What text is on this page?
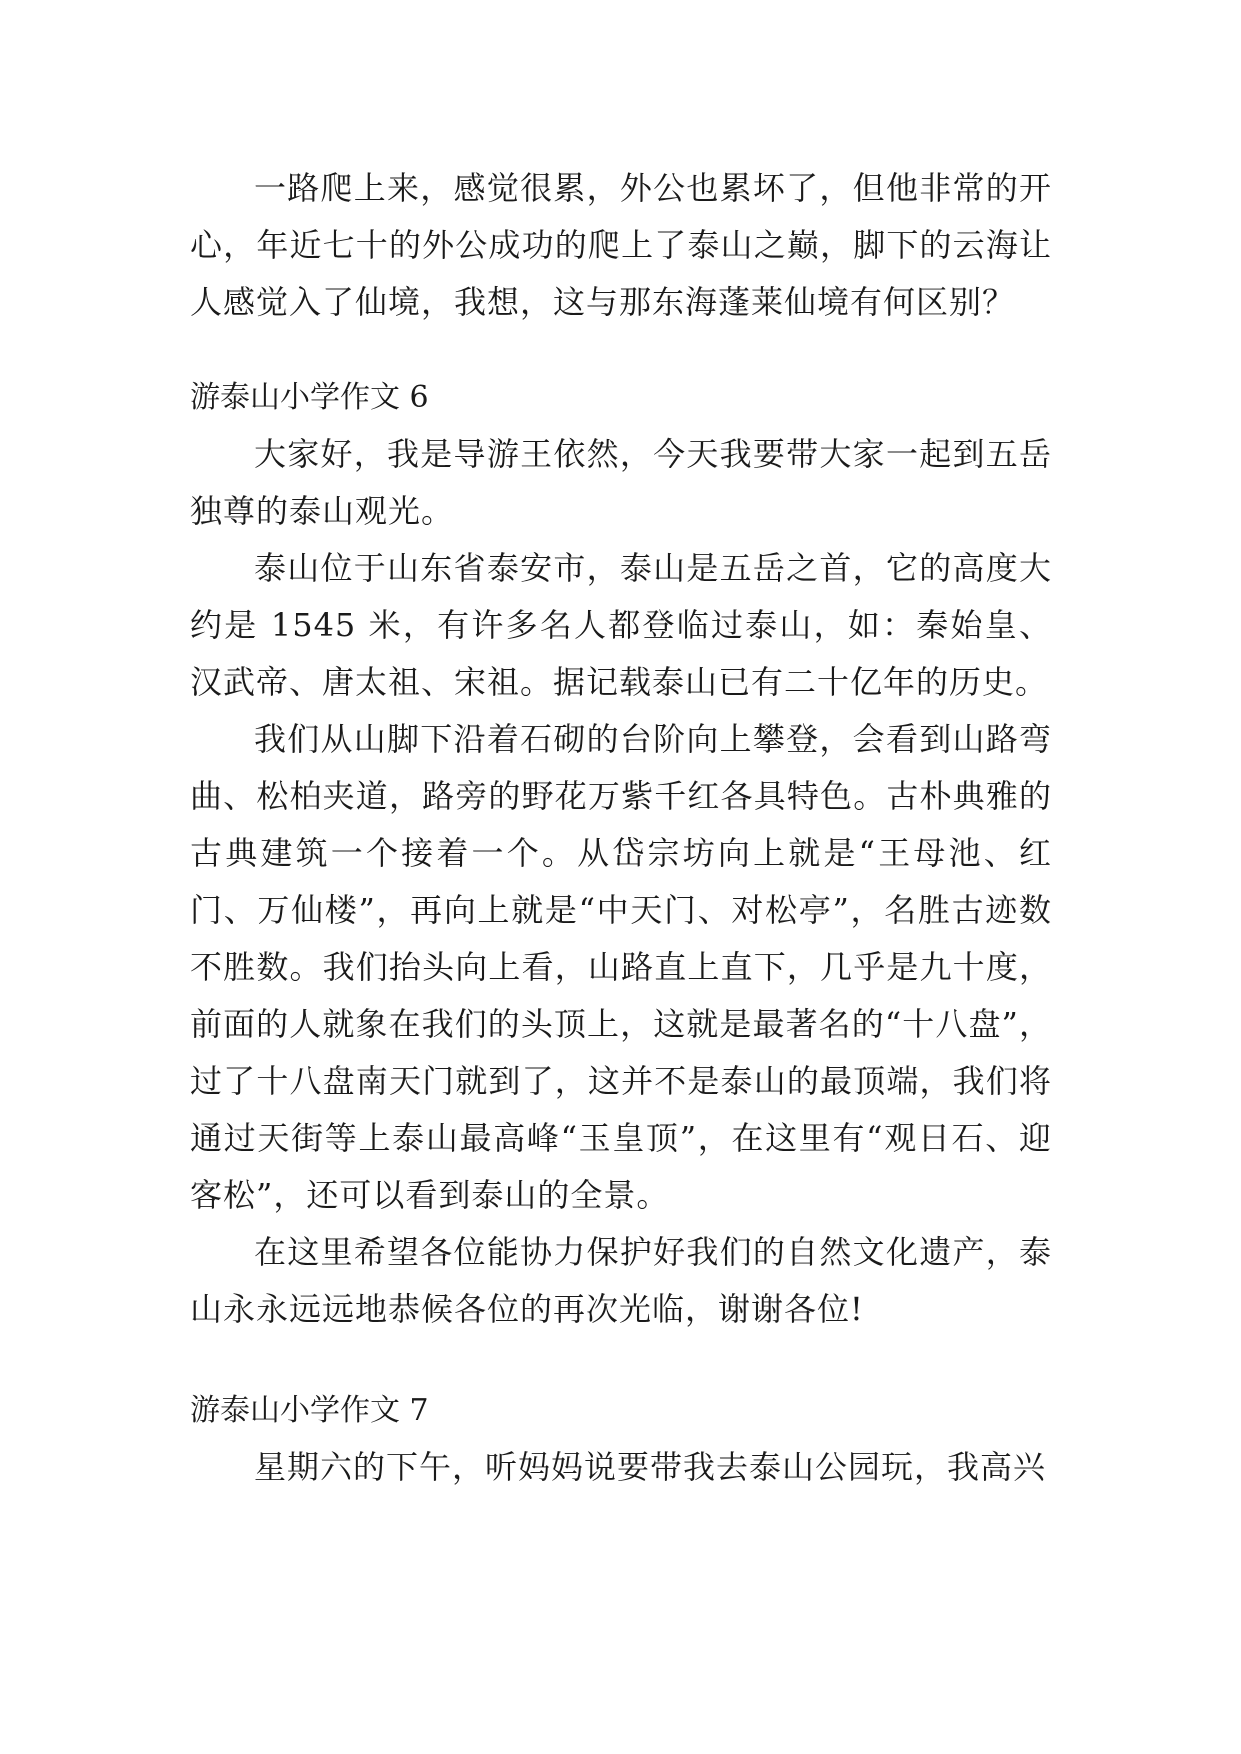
一路爬上来，感觉很累，外公也累坏了，但他非常的开心，年近七十的外公成功的爬上了泰山之巅，脚下的云海让人感觉入了仙境，我想，这与那东海蓬莱仙境有何区别？

游泰山小学作文 6

大家好，我是导游王依然，今天我要带大家一起到五岳独尊的泰山观光。

泰山位于山东省泰安市，泰山是五岳之首，它的高度大约是 1545 米，有许多名人都登临过泰山，如：秦始皇、汉武帝、唐太祖、宋祖。据记载泰山已有二十亿年的历史。

我们从山脚下沿着石砌的台阶向上攀登，会看到山路弯曲、松柏夹道，路旁的野花万紫千红各具特色。古朴典雅的古典建筑一个接着一个。从岱宗坊向上就是“王母池、红门、万仙楼”，再向上就是“中天门、对松亭”，名胜古迹数不胜数。我们抬头向上看，山路直上直下，几乎是九十度，前面的人就象在我们的头顶上，这就是最著名的“十八盘”，过了十八盘南天门就到了，这并不是泰山的最顶端，我们将通过天街等上泰山最高峰“玉皇顶”，在这里有“观日石、迎客松”，还可以看到泰山的全景。

在这里希望各位能协力保护好我们的自然文化遗产，泰山永永远远地恭候各位的再次光临，谢谢各位!

游泰山小学作文 7

星期六的下午，听妈妈说要带我去泰山公园玩，我高兴
